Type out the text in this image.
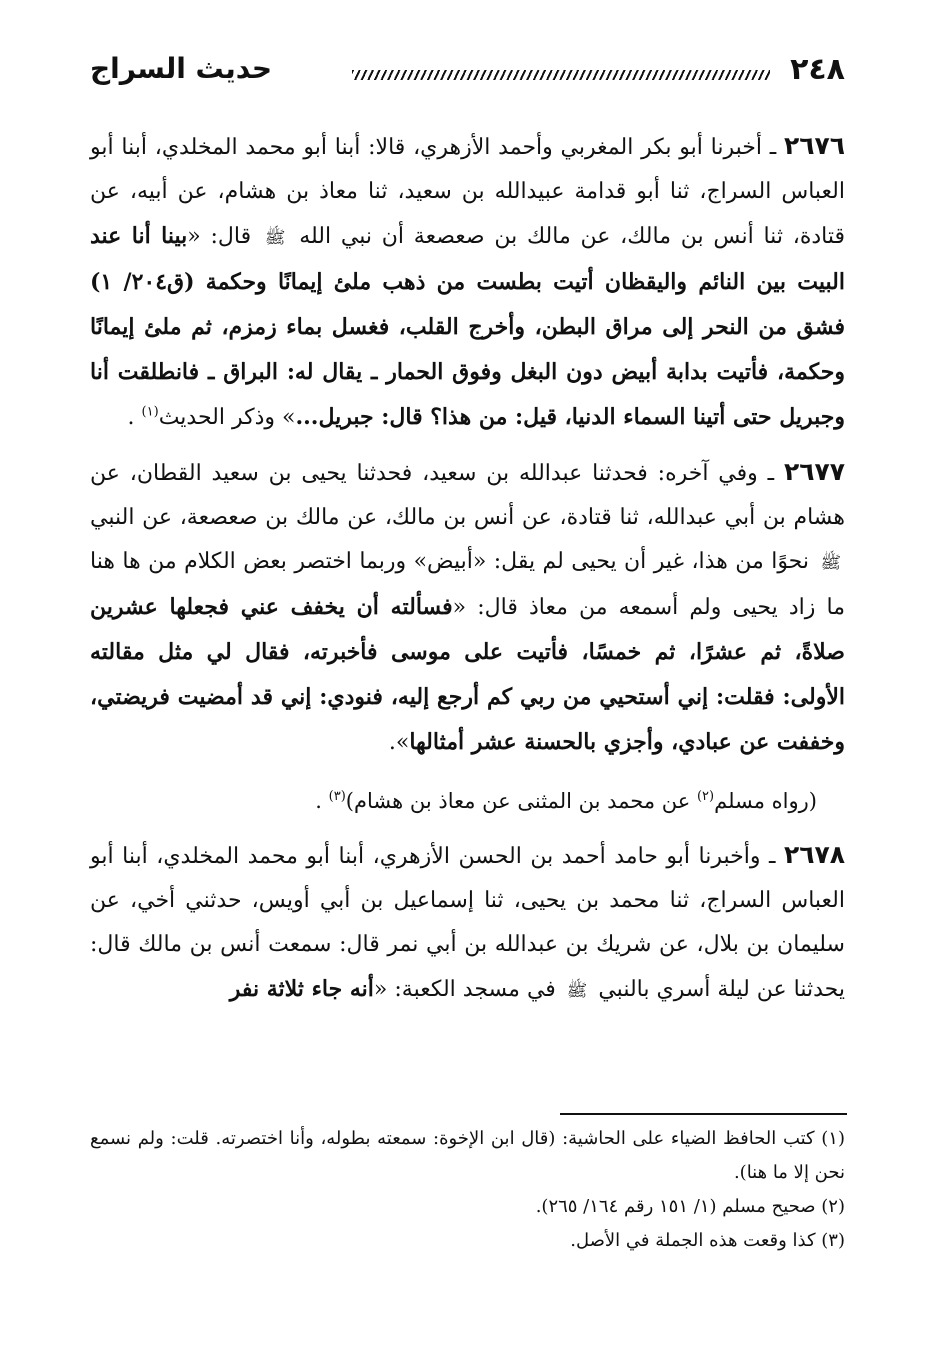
٢٤٨
حديث السراج

٢٦٧٦ ـ أخبرنا أبو بكر المغربي وأحمد الأزهري، قالا: أبنا أبو محمد المخلدي، أبنا أبو العباس السراج، ثنا أبو قدامة عبيدالله بن سعيد، ثنا معاذ بن هشام، عن أبيه، عن قتادة، ثنا أنس بن مالك، عن مالك بن صعصعة أن نبي الله ﷺ قال: «بينا أنا عند البيت بين النائم واليقظان أتيت بطست من ذهب ملئ إيمانًا وحكمة (ق٢٠٤/ ١) فشق من النحر إلى مراق البطن، وأخرج القلب، فغسل بماء زمزم، ثم ملئ إيمانًا وحكمة، فأتيت بدابة أبيض دون البغل وفوق الحمار ـ يقال له: البراق ـ فانطلقت أنا وجبريل حتى أتينا السماء الدنيا، قيل: من هذا؟ قال: جبريل...» وذكر الحديث$^{(١)}$ .

٢٦٧٧ ـ وفي آخره: فحدثنا عبدالله بن سعيد، فحدثنا يحيى بن سعيد القطان، عن هشام بن أبي عبدالله، ثنا قتادة، عن أنس بن مالك، عن مالك بن صعصعة، عن النبي ﷺ نحوًا من هذا، غير أن يحيى لم يقل: «أبيض» وربما اختصر بعض الكلام من ها هنا ما زاد يحيى ولم أسمعه من معاذ قال: «فسألته أن يخفف عني فجعلها عشرين صلاةً، ثم عشرًا، ثم خمسًا، فأتيت على موسى فأخبرته، فقال لي مثل مقالته الأولى: فقلت: إني أستحيي من ربي كم أرجع إليه، فنودي: إني قد أمضيت فريضتي، وخففت عن عبادي، وأجزي بالحسنة عشر أمثالها».

(رواه مسلم$^{(٢)}$ عن محمد بن المثنى عن معاذ بن هشام)$^{(٣)}$ .

٢٦٧٨ ـ وأخبرنا أبو حامد أحمد بن الحسن الأزهري، أبنا أبو محمد المخلدي، أبنا أبو العباس السراج، ثنا محمد بن يحيى، ثنا إسماعيل بن أبي أويس، حدثني أخي، عن سليمان بن بلال، عن شريك بن عبدالله بن أبي نمر قال: سمعت أنس بن مالك قال: يحدثنا عن ليلة أسري بالنبي ﷺ في مسجد الكعبة: «أنه جاء ثلاثة نفر

(١) كتب الحافظ الضياء على الحاشية: (قال ابن الإخوة: سمعته بطوله، وأنا اختصرته. قلت: ولم نسمع نحن إلا ما هنا).

(٢) صحيح مسلم (١/ ١٥١ رقم ١٦٤/ ٢٦٥).

(٣) كذا وقعت هذه الجملة في الأصل.
